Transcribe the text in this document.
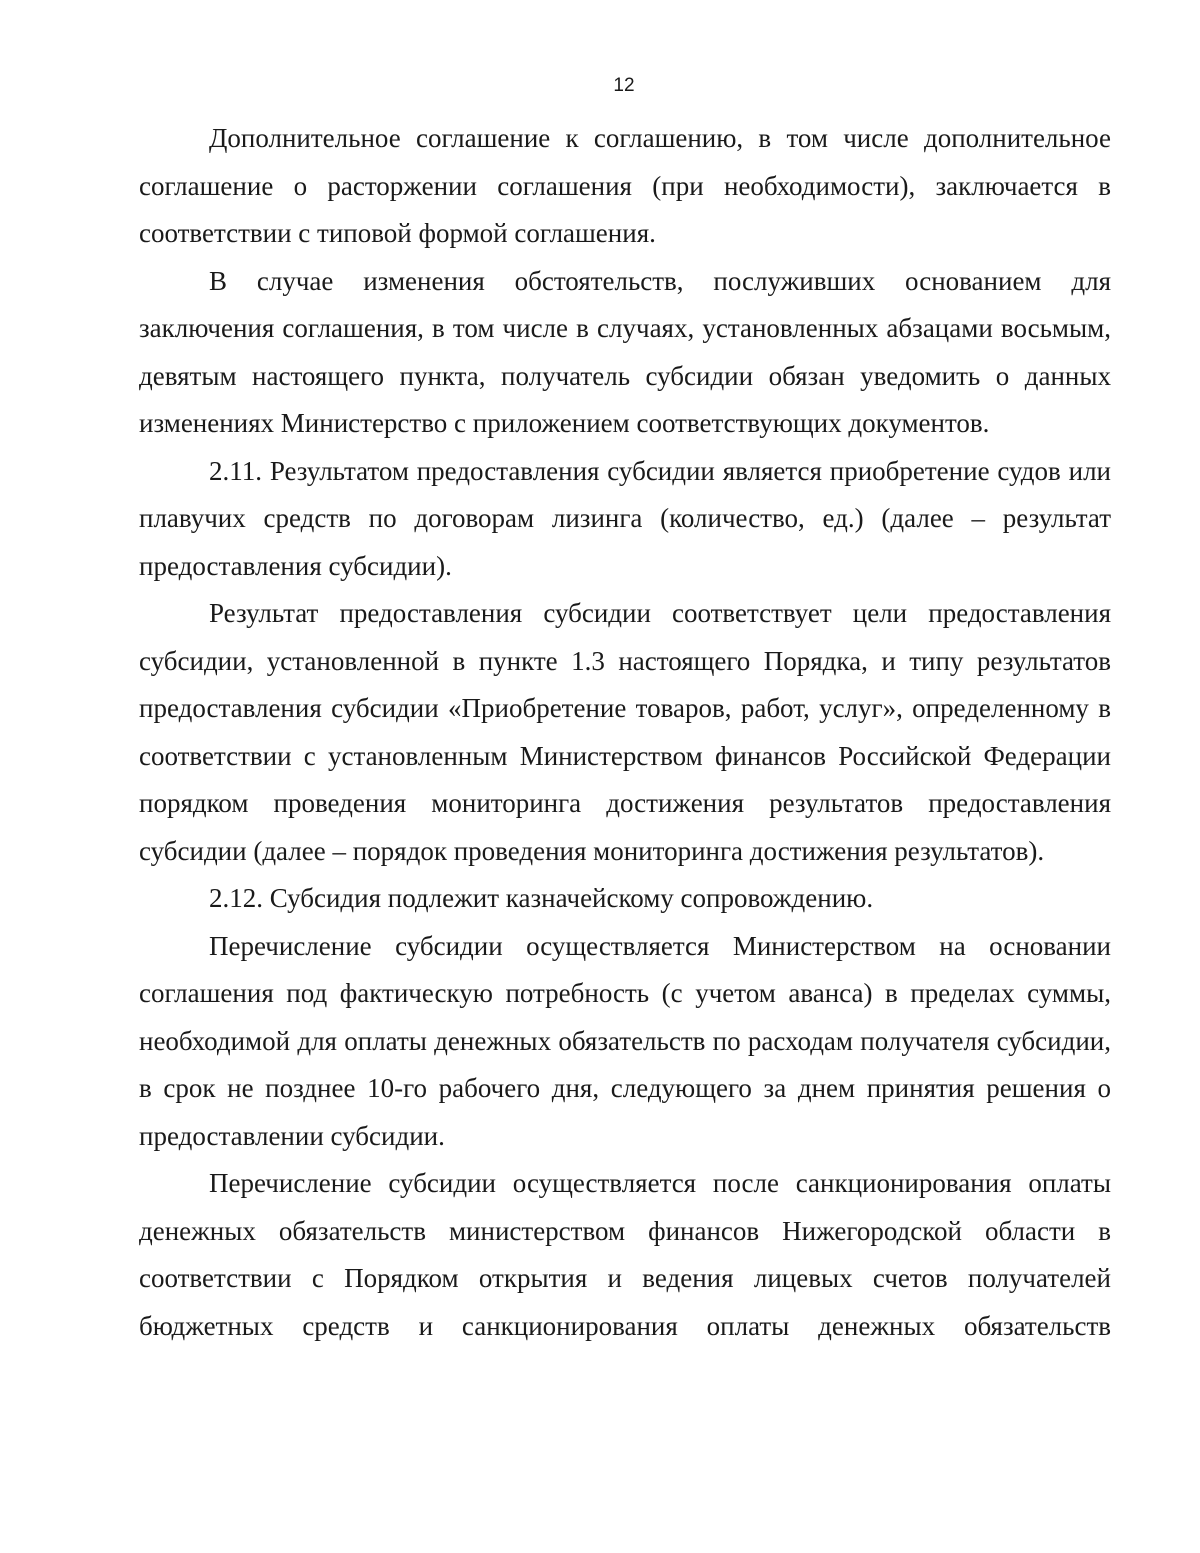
12

Дополнительное соглашение к соглашению, в том числе дополнительное соглашение о расторжении соглашения (при необходимости), заключается в соответствии с типовой формой соглашения.

В случае изменения обстоятельств, послуживших основанием для заключения соглашения, в том числе в случаях, установленных абзацами восьмым, девятым настоящего пункта, получатель субсидии обязан уведомить о данных изменениях Министерство с приложением соответствующих документов.

2.11. Результатом предоставления субсидии является приобретение судов или плавучих средств по договорам лизинга (количество, ед.) (далее – результат предоставления субсидии).

Результат предоставления субсидии соответствует цели предоставления субсидии, установленной в пункте 1.3 настоящего Порядка, и типу результатов предоставления субсидии «Приобретение товаров, работ, услуг», определенному в соответствии с установленным Министерством финансов Российской Федерации порядком проведения мониторинга достижения результатов предоставления субсидии (далее – порядок проведения мониторинга достижения результатов).

2.12. Субсидия подлежит казначейскому сопровождению.

Перечисление субсидии осуществляется Министерством на основании соглашения под фактическую потребность (с учетом аванса) в пределах суммы, необходимой для оплаты денежных обязательств по расходам получателя субсидии, в срок не позднее 10-го рабочего дня, следующего за днем принятия решения о предоставлении субсидии.

Перечисление субсидии осуществляется после санкционирования оплаты денежных обязательств министерством финансов Нижегородской области в соответствии с Порядком открытия и ведения лицевых счетов получателей бюджетных средств и санкционирования оплаты денежных обязательств
